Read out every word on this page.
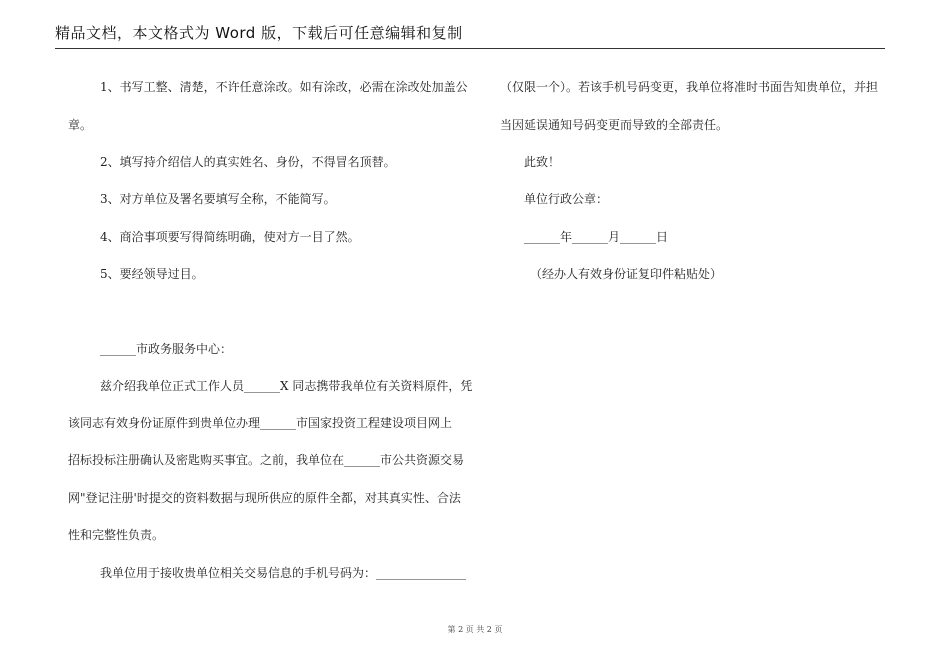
精品文档，本文格式为 Word 版，下载后可任意编辑和复制

1、书写工整、清楚，不许任意涂改。如有涂改，必需在涂改处加盖公

章。

2、填写持介绍信人的真实姓名、身份，不得冒名顶替。

3、对方单位及署名要填写全称，不能简写。

4、商洽事项要写得简练明确，使对方一目了然。

5、要经领导过目。

______市政务服务中心：

兹介绍我单位正式工作人员______X 同志携带我单位有关资料原件，凭

该同志有效身份证原件到贵单位办理______市国家投资工程建设项目网上

招标投标注册确认及密匙购买事宜。之前，我单位在______市公共资源交易

网"登记注册'时提交的资料数据与现所供应的原件全都，对其真实性、合法

性和完整性负责。

我单位用于接收贵单位相关交易信息的手机号码为：_______________

（仅限一个）。若该手机号码变更，我单位将准时书面告知贵单位，并担

当因延误通知号码变更而导致的全部责任。

此致！

单位行政公章：

______年______月______日

（经办人有效身份证复印件粘贴处）

第 2 页 共 2 页
